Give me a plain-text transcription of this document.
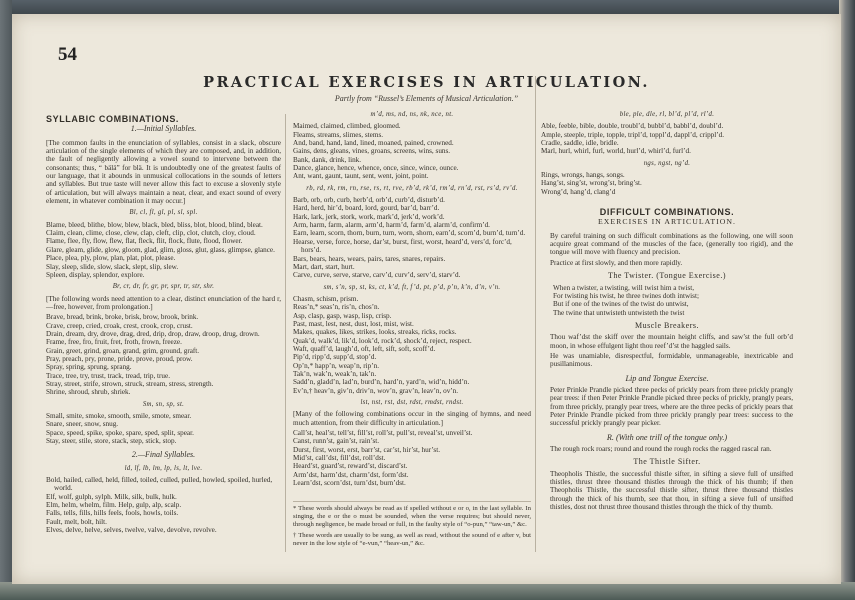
54
PRACTICAL EXERCISES IN ARTICULATION.
Partly from “Russel’s Elements of Musical Articulation.”
SYLLABIC COMBINATIONS.
1.—Initial Syllables.

[The common faults in the enunciation of syllables, consist in a slack, obscure articulation of the single elements of which they are composed, and, in addition, the fault of negligently allowing a vowel sound to intervene between the consonants; thus, “ bälä” for blä. It is undoubtedly one of the greatest faults of our language, that it abounds in unmusical collocations in the sounds of letters and syllables. But true taste will never allow this fact to excuse a slovenly style of articulation, but will always maintain a neat, clear, and exact sound of every element, in whatever combination it may occur.]

Bl, cl, fl, gl, pl, sl, spl.

Blame, bleed, blithe, blow, blew, black, bled, bliss, blot, blood, blind, bleat.

Claim, clean, clime, close, clew, clap, cleft, clip, clot, clutch, cloy, cloud.

Flame, flee, fly, flow, flew, flat, fleck, flit, flock, flute, flood, flower.

Glare, gleam, glide, glow, gloom, glad, glim, gloss, glut, glass, glimpse, glance.

Place, plea, ply, plow, plan, plat, plot, please.

Slay, sleep, slide, slow, slack, slept, slip, slew.

Spleen, display, splendor, explore.

Br, cr, dr, fr, gr, pr, spr, tr, str, shr.

[The following words need attention to a clear, distinct enunciation of the hard r,—free, however, from prolongation.]

Brave, bread, brink, broke, brisk, brow, brook, brink.

Crave, creep, cried, croak, crest, crook, crop, crust.

Drain, dream, dry, drove, drag, dred, drip, drop, draw, droop, drug, drown.

Frame, free, fro, fruit, fret, froth, frown, freeze.

Grain, greet, grind, groan, grand, grim, ground, graft.

Pray, preach, pry, prone, pride, prove, proud, prow.

Spray, spring, sprung, sprang.

Trace, tree, try, trust, track, tread, trip, true.

Stray, street, strife, strown, struck, stream, stress, strength.

Shrine, shroud, shrub, shriek.

Sm, sn, sp, st.

Small, smite, smoke, smooth, smile, smote, smear.

Snare, sneer, snow, snug.

Space, speed, spike, spoke, spare, sped, split, spear.

Stay, steer, stile, store, stack, step, stick, stop.

2.—Final Syllables.
ld, lf, lb, lm, lp, ls, lt, lve.

Bold, hailed, called, held, filled, toiled, culled, pulled, howled, spoiled, hurled, world.

Elf, wolf, gulph, sylph. Milk, silk, bulk, hulk.

Elm, helm, whelm, film. Help, gulp, alp, scalp.

Falls, tells, fills, hills feels, fools, howls, toils.

Fault, melt, bolt, hilt.

Elves, delve, helve, selves, twelve, valve, devolve, revolve.

m’d, ms, nd, ns, nk, nce, nt.

Maimed, claimed, climbed, gloomed.

Fleams, streams, slimes, stems.

And, band, hand, land, lined, moaned, pained, crowned.

Gains, dens, gleans, vines, groans, screens, wins, suns.

Bank, dank, drink, link.

Dance, glance, hence, whence, once, since, wince, ounce.

Ant, want, gaunt, taunt, sent, went, joint, point.

rb, rd, rk, rm, rn, rse, rs, rt, rve, rb’d, rk’d, rm’d, rn’d, rst, rs’d, rv’d.

Barb, orb, orb, curb, herb’d, orb’d, curb’d, disturb’d.

Hard, herd, hir’d, board, lord, gourd, bar’d, barr’d.

Hark, lark, jerk, stork, work, mark’d, jerk’d, work’d.

Arm, harm, farm, alarm, arm’d, harm’d, farm’d, alarm’d, confirm’d.

Earn, learn, scorn, thorn, burn, turn, worn, shorn, earn’d, scorn’d, burn’d, turn’d.

Hearse, verse, force, horse, dar’st, burst, first, worst, heard’d, vers’d, forc’d, hors’d.

Bars, bears, hears, wears, pairs, tares, snares, repairs.

Mart, dart, start, hurt.

Carve, curve, serve, starve, carv’d, curv’d, serv’d, starv’d.

sm, s’n, sp, st, ks, ct, k’d, ft, f’d, pt, p’d, p’n, k’n, d’n, v’n.

Chasm, schism, prism.

Reas’n,* seas’n, ris’n, chos’n.

Asp, clasp, gasp, wasp, lisp, crisp.

Past, mast, lest, nest, dust, lost, mist, wist.

Makes, quakes, likes, strikes, looks, streaks, ricks, rocks.

Quak’d, walk’d, lik’d, look’d, rock’d, shock’d, reject, respect.

Waft, quaff’d, laugh’d, oft, left, sift, soft, scoff’d.

Pip’d, ripp’d, supp’d, stop’d.

Op’n,* happ’n, weap’n, rip’n.

Tak’n, wak’n, weak’n, tak’n.

Sadd’n, gladd’n, lad’n, burd’n, hard’n, yard’n, wid’n, hidd’n.

Ev’n,† heav’n, giv’n, driv’n, wov’n, grav’n, leav’n, ov’n.

lst, nst, rst, dst, rdst, rmdst, rndst.

[Many of the following combinations occur in the singing of hymns, and need much attention, from their difficulty in articulation.]

Call’st, heal’st, tell’st, fill’st, roll’st, pull’st, reveal’st, unveil’st.

Canst, runn’st, gain’st, rain’st.

Durst, first, worst, erst, barr’st, car’st, hir’st, hur’st.

Mid’st, call’dst, fill’dst, roll’dst.

Heard’st, guard’st, reward’st, discard’st.

Arm’dst, harm’dst, charm’dst, form’dst.

Learn’dst, scorn’dst, turn’dst, burn’dst.

* These words should always be read as if spelled without e or o, in the last syllable. In singing, the e or the o must be sounded, when the verse requires; but should never, through negligence, be made broad or full, in the faulty style of “o-pun,” “taw-un,” &c.

† These words are usually to be sung, as well as read, without the sound of e after v, but never in the low style of “e-vun,” “heav-un,” &c.

ble, ple, dle, rl, bl’d, pl’d, rl’d.

Able, feeble, bible, double, troubl’d, bubbl’d, babbl’d, doubl’d.

Ample, steeple, triple, topple, tripl’d, toppl’d, dappl’d, crippl’d.

Cradle, saddle, idle, bridle.

Marl, hurl, whirl, furl, world, hurl’d, whirl’d, furl’d.

ngs, ngst, ng’d.

Rings, wrongs, hangs, songs.

Hang’st, sing’st, wrong’st, bring’st.

Wrong’d, hang’d, clang’d

DIFFICULT COMBINATIONS.
EXERCISES IN ARTICULATION.

By careful training on such difficult combinations as the following, one will soon acquire great command of the muscles of the face, (generally too rigid), and the tongue will move with fluency and precision.

Practice at first slowly, and then more rapidly.

The Twister. (Tongue Exercise.)

When a twister, a twisting, will twist him a twist,

For twisting his twist, he three twines doth intwist;

But if one of the twines of the twist do untwist,

The twine that untwisteth untwisteth the twist

Muscle Breakers.

Thou waf’dst the skiff over the mountain height cliffs, and saw’st the full orb’d moon, in whose effulgent light thou reef’d’st the haggled sails.

He was unamiable, disrespectful, formidable, unmanageable, inextricable and pusillanimous.

Lip and Tongue Exercise.

Peter Prinkle Prandle picked three pecks of prickly pears from three prickly prangly pear trees: if then Peter Prinkle Prandle picked three pecks of prickly, prangly pears, from three prickly, prangly pear trees, where are the three pecks of prickly pears that Peter Prinkle Prandle picked from three prickly prangly pear trees: success to the successful prickly prangly pear picker.

R. (With one trill of the tongue only.)

The rough rock roars; round and round the rough rocks the ragged rascal ran.

The Thistle Sifter.

Theopholis Thistle, the successful thistle sifter, in sifting a sieve full of unsifted thistles, thrust three thousand thistles through the thick of his thumb; if then Theopholis Thistle, the successful thistle sifter, thrust three thousand thistles through the thick of his thumb, see that thou, in sifting a sieve full of unsifted thistles, dost not thrust three thousand thistles through the thick of thy thumb.
